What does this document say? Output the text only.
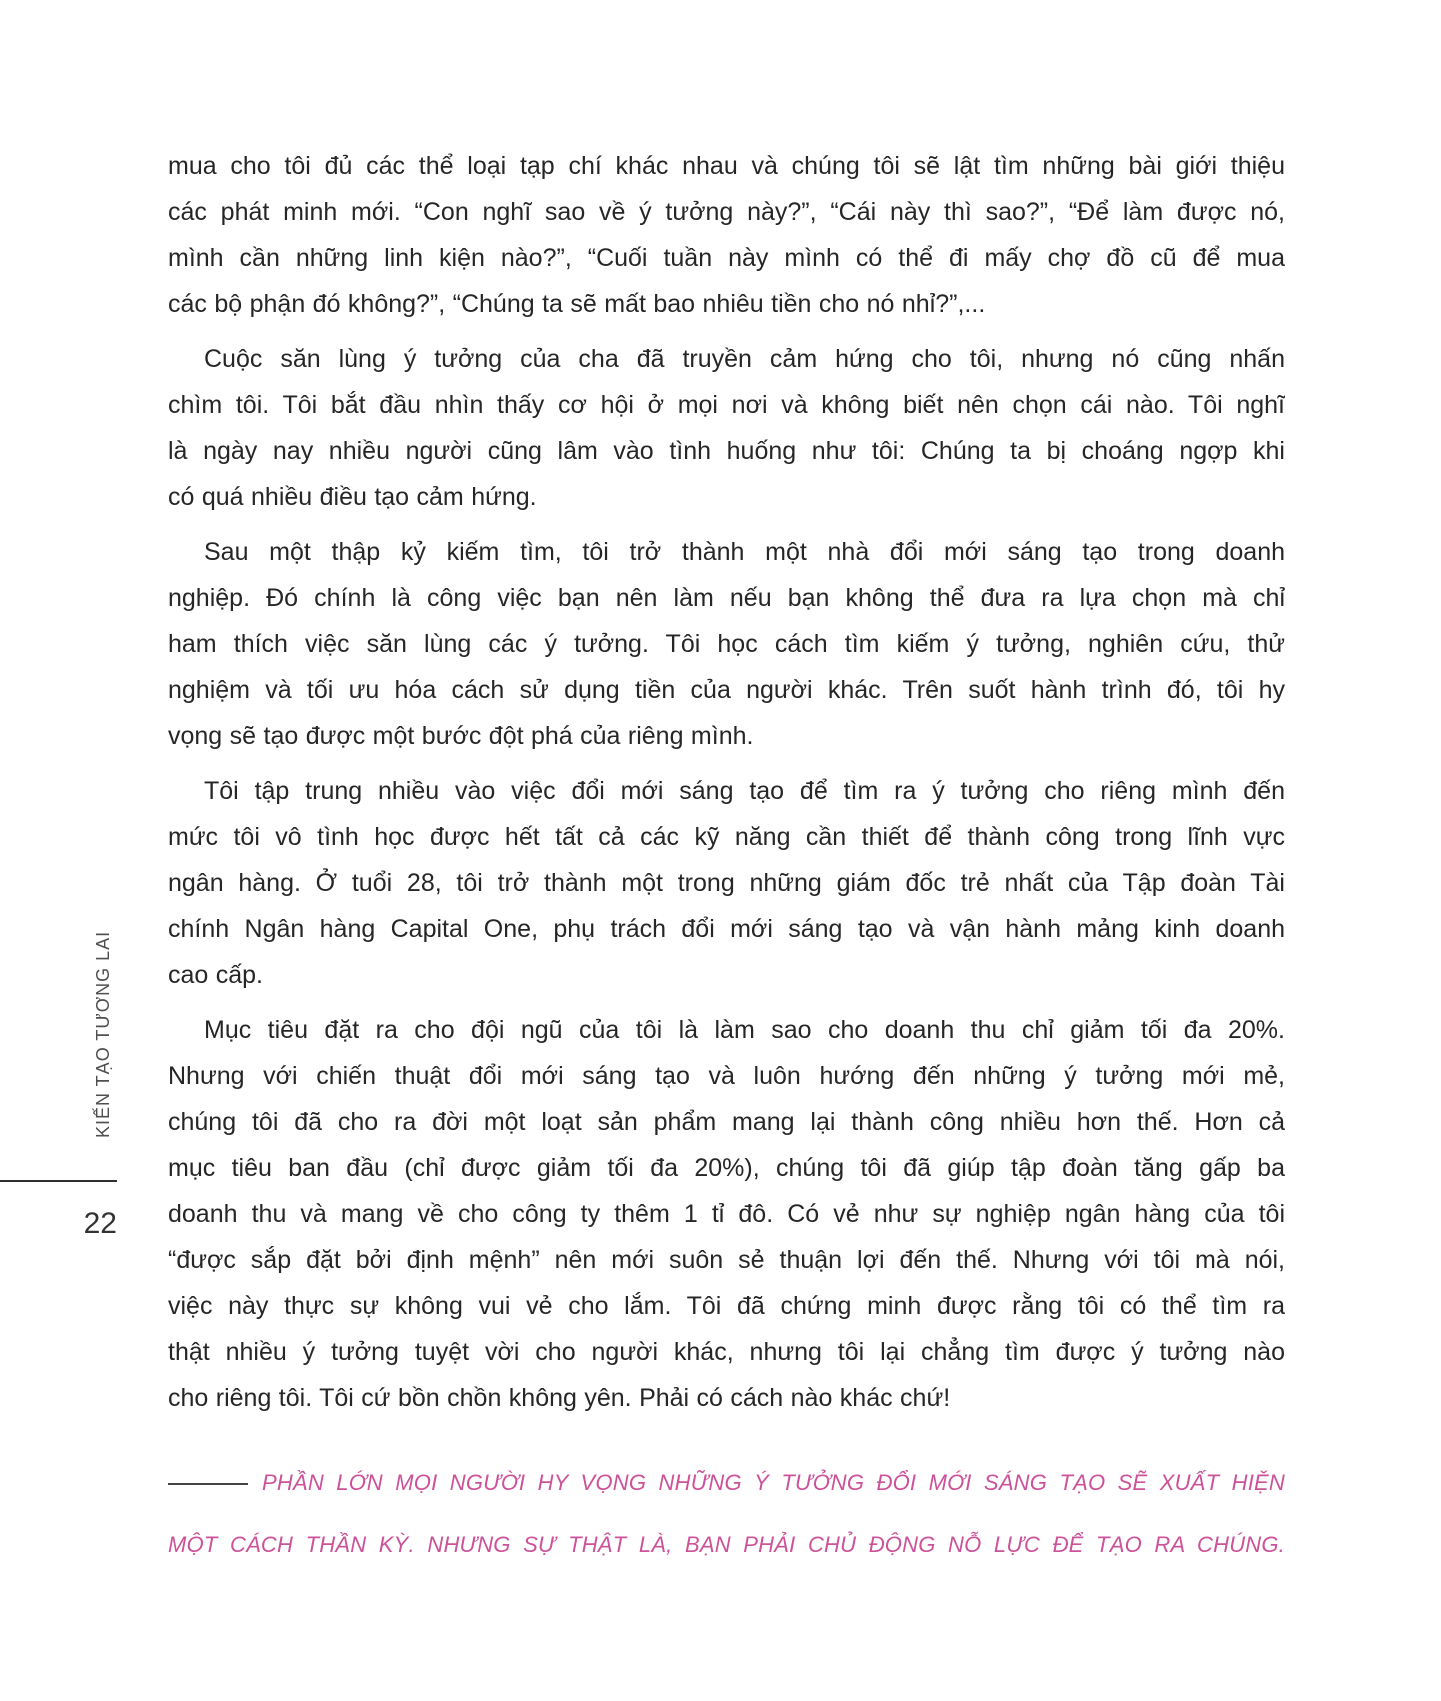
KIẾN TẠO TƯƠNG LAI
22
mua cho tôi đủ các thể loại tạp chí khác nhau và chúng tôi sẽ lật tìm những bài giới thiệu
các phát minh mới. “Con nghĩ sao về ý tưởng này?”, “Cái này thì sao?”, “Để làm được nó,
mình cần những linh kiện nào?”, “Cuối tuần này mình có thể đi mấy chợ đồ cũ để mua
các bộ phận đó không?”, “Chúng ta sẽ mất bao nhiêu tiền cho nó nhỉ?”,...
Cuộc săn lùng ý tưởng của cha đã truyền cảm hứng cho tôi, nhưng nó cũng nhấn
chìm tôi. Tôi bắt đầu nhìn thấy cơ hội ở mọi nơi và không biết nên chọn cái nào. Tôi nghĩ
là ngày nay nhiều người cũng lâm vào tình huống như tôi: Chúng ta bị choáng ngợp khi
có quá nhiều điều tạo cảm hứng.
Sau một thập kỷ kiếm tìm, tôi trở thành một nhà đổi mới sáng tạo trong doanh
nghiệp. Đó chính là công việc bạn nên làm nếu bạn không thể đưa ra lựa chọn mà chỉ
ham thích việc săn lùng các ý tưởng. Tôi học cách tìm kiếm ý tưởng, nghiên cứu, thử
nghiệm và tối ưu hóa cách sử dụng tiền của người khác. Trên suốt hành trình đó, tôi hy
vọng sẽ tạo được một bước đột phá của riêng mình.
Tôi tập trung nhiều vào việc đổi mới sáng tạo để tìm ra ý tưởng cho riêng mình đến
mức tôi vô tình học được hết tất cả các kỹ năng cần thiết để thành công trong lĩnh vực
ngân hàng. Ở tuổi 28, tôi trở thành một trong những giám đốc trẻ nhất của Tập đoàn Tài
chính Ngân hàng Capital One, phụ trách đổi mới sáng tạo và vận hành mảng kinh doanh
cao cấp.
Mục tiêu đặt ra cho đội ngũ của tôi là làm sao cho doanh thu chỉ giảm tối đa 20%.
Nhưng với chiến thuật đổi mới sáng tạo và luôn hướng đến những ý tưởng mới mẻ,
chúng tôi đã cho ra đời một loạt sản phẩm mang lại thành công nhiều hơn thế. Hơn cả
mục tiêu ban đầu (chỉ được giảm tối đa 20%), chúng tôi đã giúp tập đoàn tăng gấp ba
doanh thu và mang về cho công ty thêm 1 tỉ đô. Có vẻ như sự nghiệp ngân hàng của tôi
“được sắp đặt bởi định mệnh” nên mới suôn sẻ thuận lợi đến thế. Nhưng với tôi mà nói,
việc này thực sự không vui vẻ cho lắm. Tôi đã chứng minh được rằng tôi có thể tìm ra
thật nhiều ý tưởng tuyệt vời cho người khác, nhưng tôi lại chẳng tìm được ý tưởng nào
cho riêng tôi. Tôi cứ bồn chồn không yên. Phải có cách nào khác chứ!
PHẦN LỚN MỌI NGƯỜI HY VỌNG NHỮNG Ý TƯỞNG ĐỔI MỚI SÁNG TẠO SẼ XUẤT HIỆN
MỘT CÁCH THẦN KỲ. NHƯNG SỰ THẬT LÀ, BẠN PHẢI CHỦ ĐỘNG NỖ LỰC ĐỂ TẠO RA CHÚNG.
